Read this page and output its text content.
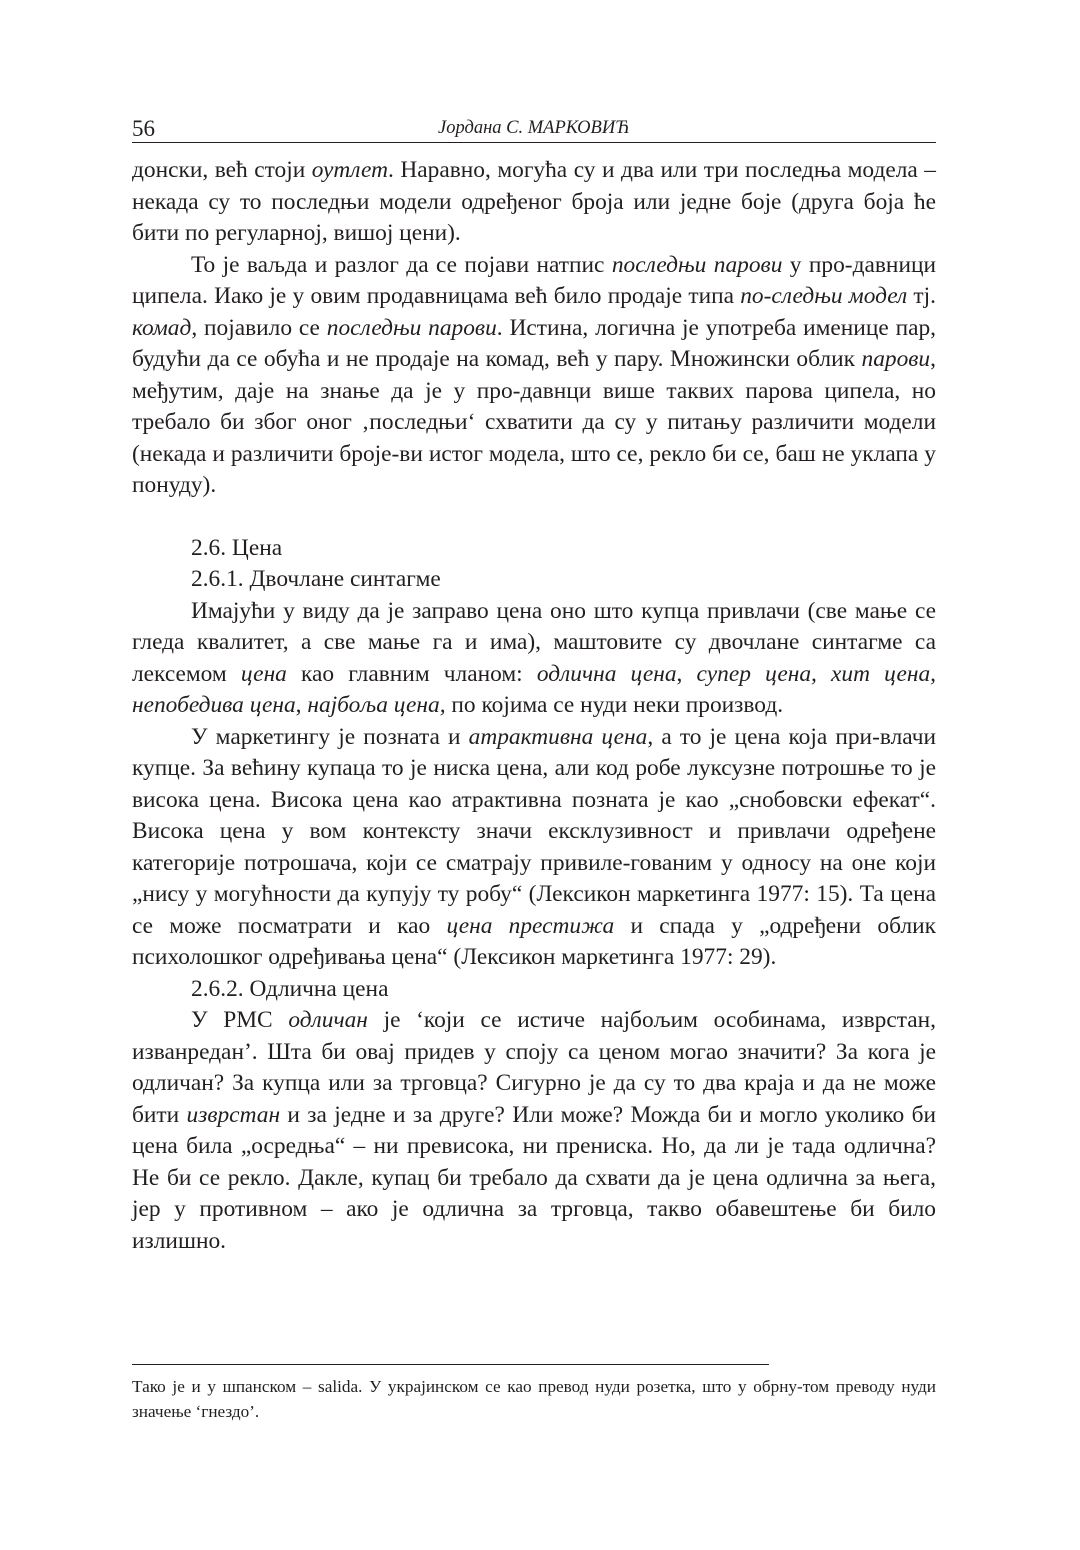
56	Јордана С. МАРКОВИЋ

донски, већ стоји оутлет. Наравно, могућа су и два или три последња модела – некада су то последњи модели одређеног броја или једне боје (друга боја ће бити по регуларној, вишој цени).

То је ваљда и разлог да се појави натпис последњи парови у про-давници ципела. Иако је у овим продавницама већ било продаје типа по-следњи модел тј. комад, појавило се последњи парови. Истина, логична је употреба именице пар, будући да се обућа и не продаје на комад, већ у пару. Множински облик парови, међутим, даје на знање да је у про-давнци више таквих парова ципела, но требало би због оног ‚последњи‘ схватити да су у питању различити модели (некада и различити броје-ви истог модела, што се, рекло би се, баш не уклапа у понуду).

2.6. Цена

2.6.1. Двочлане синтагме

Имајући у виду да је заправо цена оно што купца привлачи (све мање се гледа квалитет, а све мање га и има), маштовите су двочлане синтагме са лексемом цена као главним чланом: одлична цена, супер цена, хит цена, непобедива цена, најбоља цена, по којима се нуди неки производ.

У маркетингу је позната и атрактивна цена, а то је цена која при-влачи купце. За већину купаца то је ниска цена, али код робе луксузне потрошње то је висока цена. Висока цена као атрактивна позната је као „снобовски ефекат“. Висока цена у вом контексту значи ексклузивност и привлачи одређене категорије потрошача, који се сматрају привиле-гованим у односу на оне који „нису у могућности да купују ту робу“ (Лексикон маркетинга 1977: 15). Та цена се може посматрати и као цена престижа и спада у „одређени облик психолошког одређивања цена“ (Лексикон маркетинга 1977: 29).

2.6.2. Одлична цена

У РМС одличан је ‘који се истиче најбољим особинама, изврстан, изванредан’. Шта би овај придев у споју са ценом могао значити? За кога је одличан? За купца или за трговца? Сигурно је да су то два краја и да не може бити изврстан и за једне и за друге? Или може? Можда би и могло уколико би цена била „осредња“ – ни превисока, ни прениска. Но, да ли је тада одлична? Не би се рекло. Дакле, купац би требало да схвати да је цена одлична за њега, јер у противном – ако је одлична за трговца, такво обавештење би било излишно.

Тако је и у шпанском – salida. У украјинском се као превод нуди розетка, што у обрну-том преводу нуди значење ‘гнездо’.
